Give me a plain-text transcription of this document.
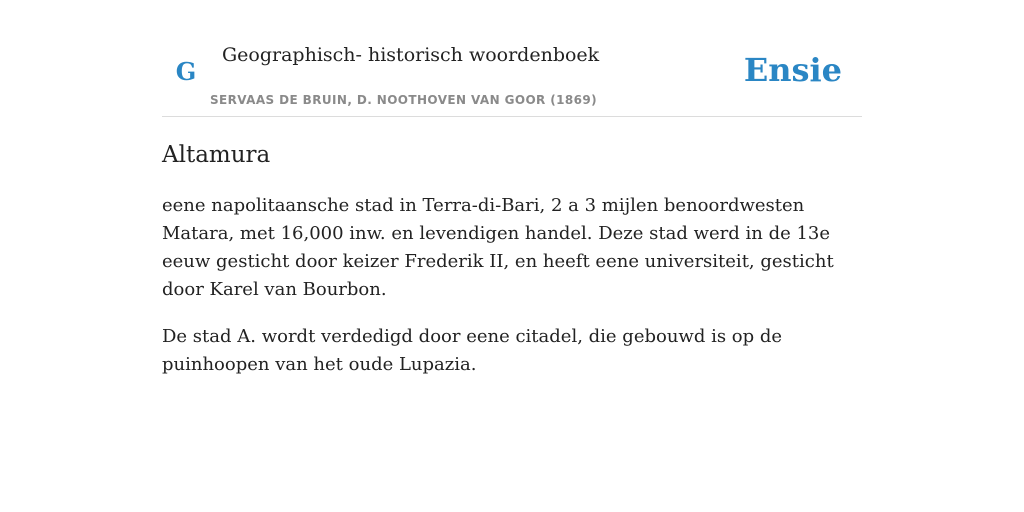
G
Geographisch- historisch woordenboek
SERVAAS DE BRUIN, D. NOOTHOVEN VAN GOOR (1869)
Ensie
Altamura

eene napolitaansche stad in Terra-di-Bari, 2 a 3 mijlen benoordwesten Matara, met 16,000 inw. en levendigen handel. Deze stad werd in de 13e eeuw gesticht door keizer Frederik II, en heeft eene universiteit, gesticht door Karel van Bourbon.

De stad A. wordt verdedigd door eene citadel, die gebouwd is op de puinhoopen van het oude Lupazia.
